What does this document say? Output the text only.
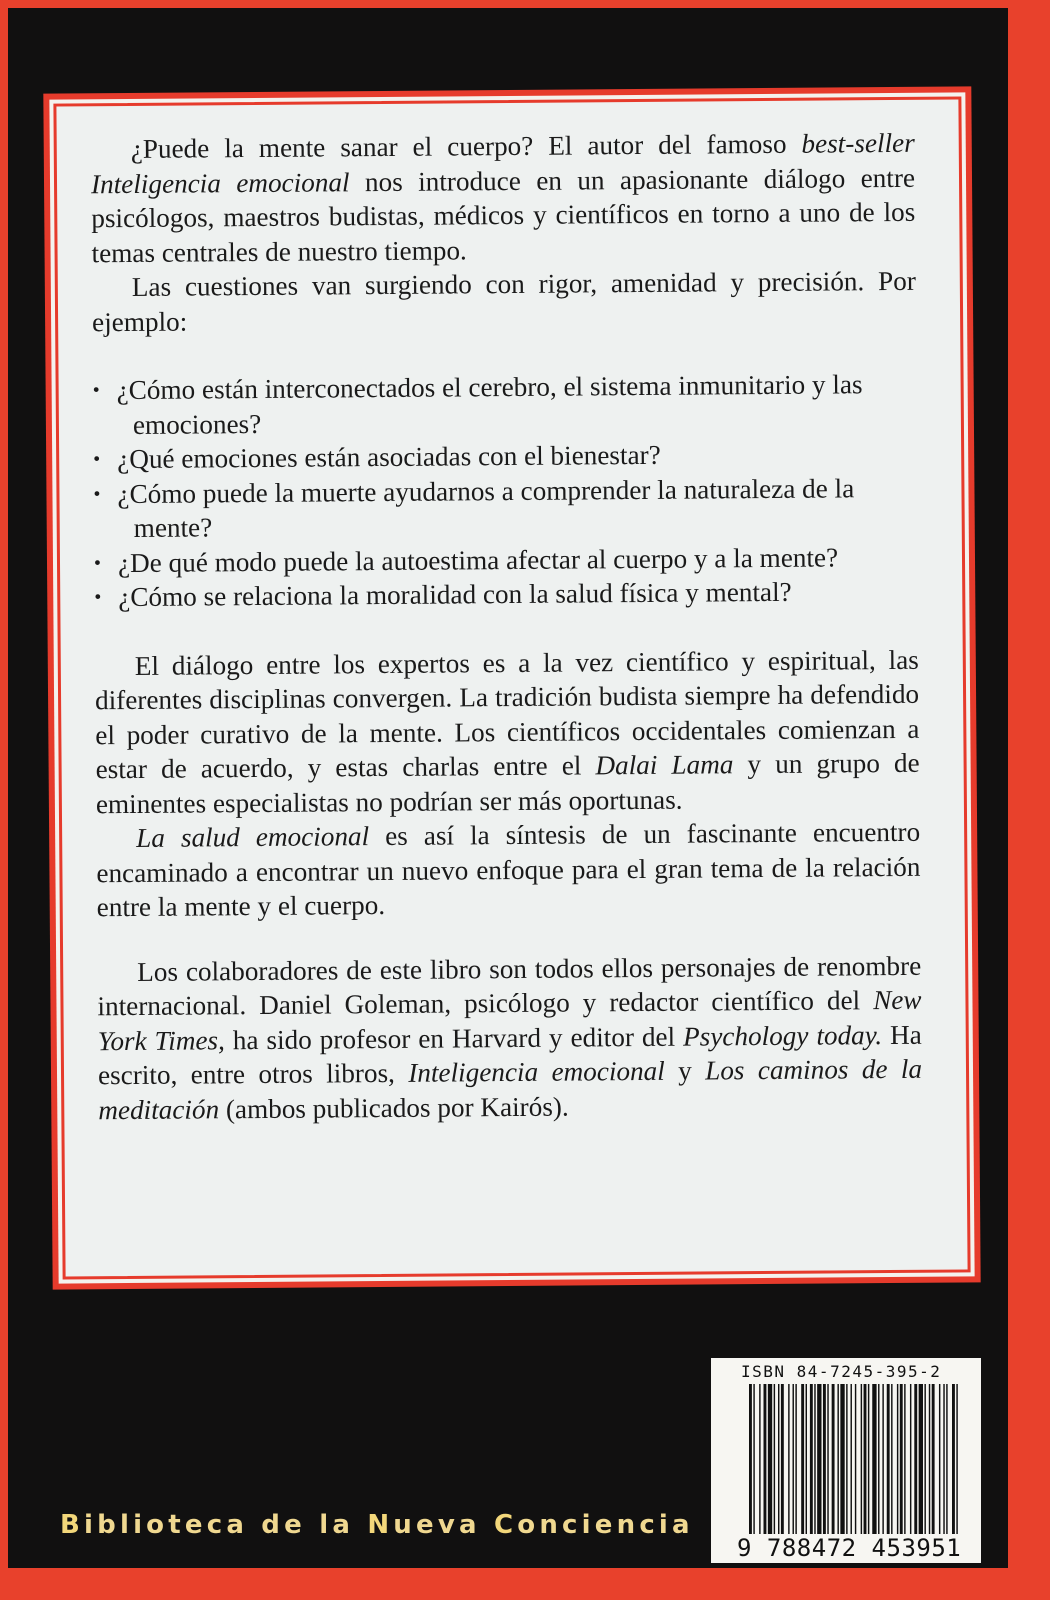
¿Puede la mente sanar el cuerpo? El autor del famoso best-seller Inteligencia emocional nos introduce en un apasionante diálogo entre psicólogos, maestros budistas, médicos y científicos en torno a uno de los temas centrales de nuestro tiempo.

Las cuestiones van surgiendo con rigor, amenidad y precisión. Por ejemplo:

• ¿Cómo están interconectados el cerebro, el sistema inmunitario y las emociones?
• ¿Qué emociones están asociadas con el bienestar?
• ¿Cómo puede la muerte ayudarnos a comprender la naturaleza de la mente?
• ¿De qué modo puede la autoestima afectar al cuerpo y a la mente?
• ¿Cómo se relaciona la moralidad con la salud física y mental?

El diálogo entre los expertos es a la vez científico y espiritual, las diferentes disciplinas convergen. La tradición budista siempre ha defendido el poder curativo de la mente. Los científicos occidentales comienzan a estar de acuerdo, y estas charlas entre el Dalai Lama y un grupo de eminentes especialistas no podrían ser más oportunas.

La salud emocional es así la síntesis de un fascinante encuentro encaminado a encontrar un nuevo enfoque para el gran tema de la relación entre la mente y el cuerpo.

Los colaboradores de este libro son todos ellos personajes de renombre internacional. Daniel Goleman, psicólogo y redactor científico del New York Times, ha sido profesor en Harvard y editor del Psychology today. Ha escrito, entre otros libros, Inteligencia emocional y Los caminos de la meditación (ambos publicados por Kairós).

ISBN 84-7245-395-2
9 788472 453951
Biblioteca de la Nueva Conciencia
